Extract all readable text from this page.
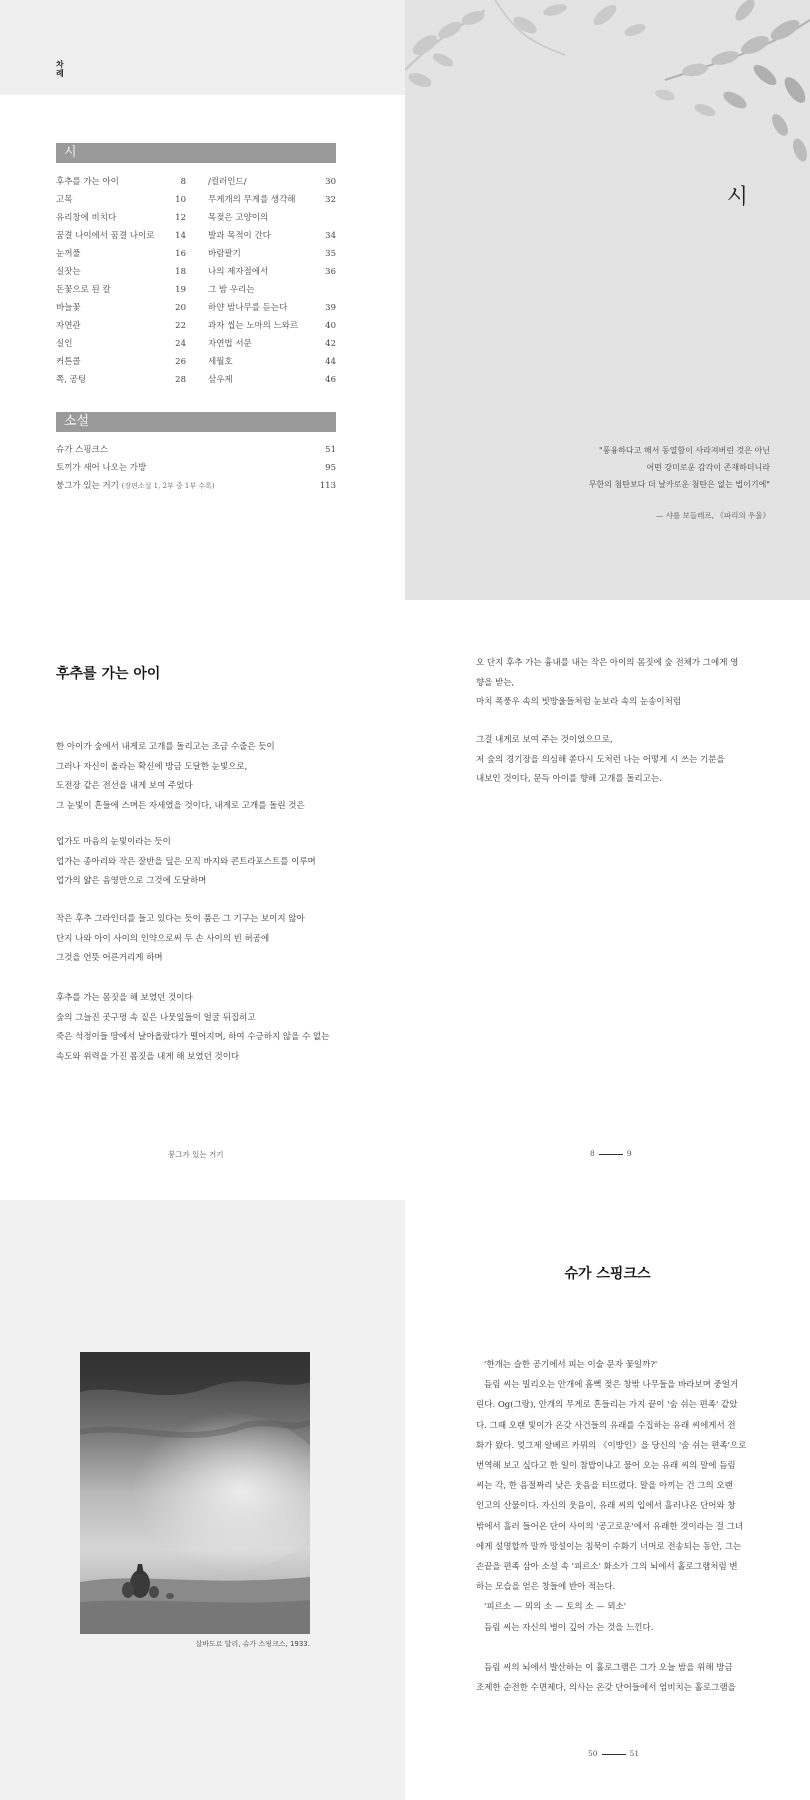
차례
시
후추를 가는 아이	8
고목	10
유리창에 비치다	12
꿈결 나이에서 꿈결 나이로 14
눈꺼풀	16
실잣는	18
돈꽃으로 된 칼	19
바늘꽃	20
자연관	22
실인	24
커튼콜	26
쪽, 공팅	28
/컬러인드/	30
무게개의 무게를 생각해	32
목젖은 고양이의
발과 목적이 간다	34
바람팔기	35
나의 제자점에서	36
그 밤 우리는
하얀 밤나무를 듣는다	39
과자 씹는 노마의 느와르	40
자연법 서문	42
세월호	44
삼우제	46
소설
슈가 스핑크스	51
토끼가 새어 나오는 가방	95
붕그가 있는 거기 (장편소설 1, 2부 중 1부 수록)	113
시
"풍융하다고 해서 동열함이 사라져버린 것은 아닌
어떤 강미로운 감각이 존재하더니라
무한의 첨탄보다 더 날카로운 첨탄은 없는 법이기에"
— 샤를 보들레르, 《파리의 우울》
후추를 가는 아이
한 아이가 숲에서 내게로 고개를 돌리고는 조금 수줍은 듯이
그러나 자신이 올라는 확신에 방금 도달한 눈빛으로,
도전장 같은 전선을 내게 보여 주었다
그 눈빛이 흔들에 스며든 자세였을 것이다, 내게로 고개를 돌린 것은
업가도 마음의 눈빛이라는 듯이
업가는 종아리와 작은 잘반을 덮은 모직 바지와 콘트라포스트를 이루며
업가의 얇은 음영만으로 그것에 도달하며
작은 후추 그라인더를 들고 있다는 듯이 품은 그 기구는 보이지 않아
단지 나와 아이 사이의 인약으로써 두 손 사이의 빈 허공에
그것을 언뜻 어른거리게 하며
후추를 가는 몸짓을 해 보였던 것이다
숲의 그늘진 곳구멍 속 짙은 나뭇잎들이 얼굴 뒤집히고
죽은 석정이들 땅에서 날아올랐다가 떨어지며, 하여 수긍하지 않을 수 없는
속도와 위력을 가진 몸짓을 내게 해 보였던 것이다
붕그가 있는 거기
오 단지 후추 가는 흉내를 내는 작은 아이의 몸짓에 숲 전체가 그에게 영
향을 받는,
마치 폭풍우 속의 빗방울들처럼 눈보라 속의 눈송이처럼
그걸 내게로 보여 주는 것이었으므로,
저 숲의 경기장을 의심해 쏟다시 도처런 나는 어떻게 시 쓰는 기분을
내보인 것이다, 문득 아이를 향해 고개를 돌리고는.
8	9
살바도르 달리, 슈가 스핑크스, 1933.
슈가 스핑크스
'한개는 슬한 공기에서 피는 이술 문자 꽃일까?'
듬림 씨는 빌리오는 안개에 흠뻑 젖은 창밖 나무들을 바라보며 중얼거
린다. Og(그랑), 안개의 무게로 흔들리는 가지 끝이 '숨 쉬는 편족' 같았
다. 그때 오랜 빛이가 온갖 사건들의 유래를 수집하는 유래 씨에게서 전
화가 왔다. 엊그제 알베르 카뮈의 《이방인》을 당신의 '숨 쉬는 편족'으로
번역해 보고 싶다고 한 일이 참밥이냐고 물어 오는 유래 씨의 말에 듬림
씨는 각, 한 음절짜리 낮은 웃음을 터뜨렸다. 말을 아끼는 건 그의 오랜
인고의 산물이다. 자신의 웃음이, 유래 씨의 입에서 흘러나온 단어와 창
밖에서 흘러 들어온 단어 사이의 '공고로운'에서 유래한 것이라는 걸 그녀
에게 설명할까 말까 망설이는 침묵이 수화기 너머로 전송되는 동안, 그는
손끝을 편족 삼아 소설 속 '피르소' 화소가 그의 뇌에서 홀로그램처럼 변
하는 모습을 얻은 창들에 반아 적는다.
'피르소 — 뫼의 소 — 토의 소 — 뫼소'
듬림 씨는 자신의 병이 깊어 가는 것을 느낀다.
듬림 씨의 뇌에서 발산하는 이 홀로그램은 그가 오늘 밤을 위해 방금
조제한 순전한 수면제다, 의사는 온갖 단어들에서 엄비치는 홀로그램을
50	51
